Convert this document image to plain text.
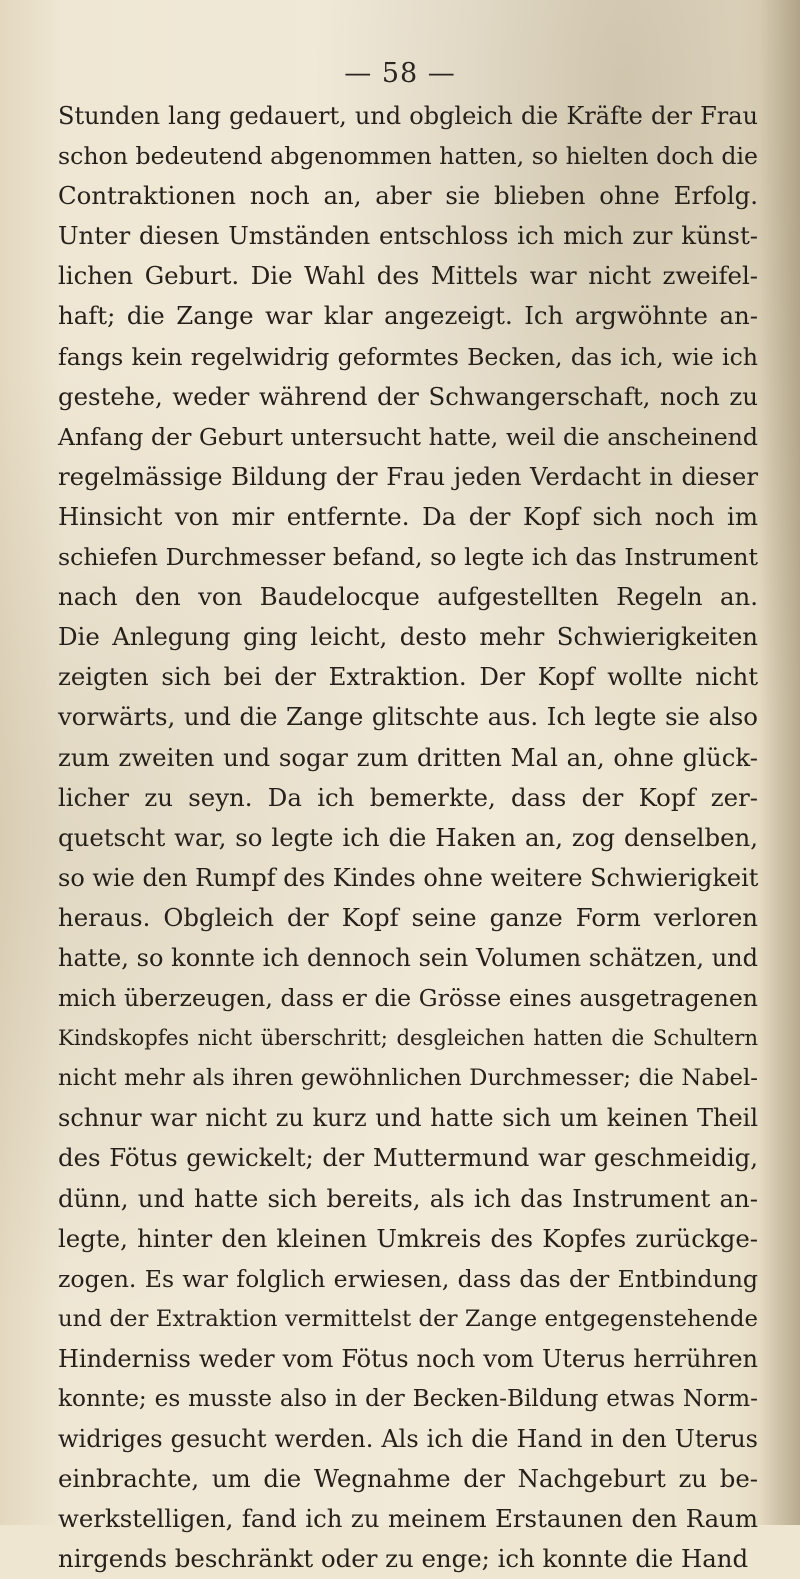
— 58 —
Stunden lang gedauert, und obgleich die Kräfte der Frau
schon bedeutend abgenommen hatten, so hielten doch die
Contraktionen noch an, aber sie blieben ohne Erfolg.
Unter diesen Umständen entschloss ich mich zur künst-
lichen Geburt. Die Wahl des Mittels war nicht zweifel-
haft; die Zange war klar angezeigt. Ich argwöhnte an-
fangs kein regelwidrig geformtes Becken, das ich, wie ich
gestehe, weder während der Schwangerschaft, noch zu
Anfang der Geburt untersucht hatte, weil die anscheinend
regelmässige Bildung der Frau jeden Verdacht in dieser
Hinsicht von mir entfernte. Da der Kopf sich noch im
schiefen Durchmesser befand, so legte ich das Instrument
nach den von Baudelocque aufgestellten Regeln an.
Die Anlegung ging leicht, desto mehr Schwierigkeiten
zeigten sich bei der Extraktion. Der Kopf wollte nicht
vorwärts, und die Zange glitschte aus. Ich legte sie also
zum zweiten und sogar zum dritten Mal an, ohne glück-
licher zu seyn. Da ich bemerkte, dass der Kopf zer-
quetscht war, so legte ich die Haken an, zog denselben,
so wie den Rumpf des Kindes ohne weitere Schwierigkeit
heraus. Obgleich der Kopf seine ganze Form verloren
hatte, so konnte ich dennoch sein Volumen schätzen, und
mich überzeugen, dass er die Grösse eines ausgetragenen
Kindskopfes nicht überschritt; desgleichen hatten die Schultern
nicht mehr als ihren gewöhnlichen Durchmesser; die Nabel-
schnur war nicht zu kurz und hatte sich um keinen Theil
des Fötus gewickelt; der Muttermund war geschmeidig,
dünn, und hatte sich bereits, als ich das Instrument an-
legte, hinter den kleinen Umkreis des Kopfes zurückge-
zogen. Es war folglich erwiesen, dass das der Entbindung
und der Extraktion vermittelst der Zange entgegenstehende
Hinderniss weder vom Fötus noch vom Uterus herrühren
konnte; es musste also in der Becken-Bildung etwas Norm-
widriges gesucht werden. Als ich die Hand in den Uterus
einbrachte, um die Wegnahme der Nachgeburt zu be-
werkstelligen, fand ich zu meinem Erstaunen den Raum
nirgends beschränkt oder zu enge; ich konnte die Hand
